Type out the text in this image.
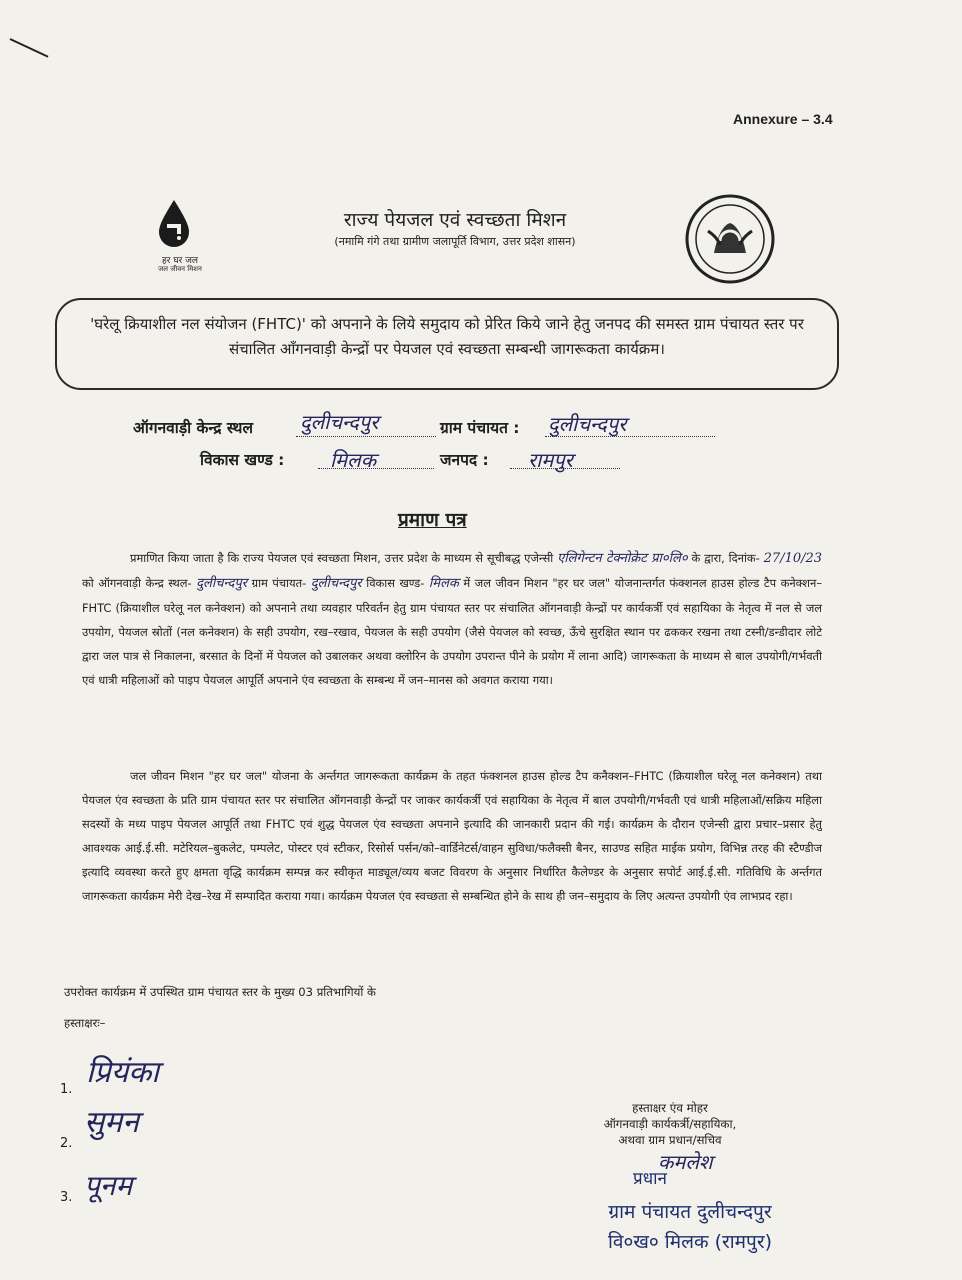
Annexure – 3.4
हर घर जल
जल जीवन मिशन
राज्य पेयजल एवं स्वच्छता मिशन
(नमामि गंगे तथा ग्रामीण जलापूर्ति विभाग, उत्तर प्रदेश शासन)
'घरेलू क्रियाशील नल संयोजन (FHTC)' को अपनाने के लिये समुदाय को प्रेरित किये जाने हेतु जनपद की समस्त ग्राम पंचायत स्तर पर संचालित आँगनवाड़ी केन्द्रों पर पेयजल एवं स्वच्छता सम्बन्धी जागरूकता कार्यक्रम।
ऑगनवाड़ी केन्द्र स्थल दुलीचन्दपुर	ग्राम पंचायत : दुलीचन्दपुर
विकास खण्ड : मिलक	जनपद : रामपुर
प्रमाण पत्र
प्रमाणित किया जाता है कि राज्य पेयजल एवं स्वच्छता मिशन, उत्तर प्रदेश के माध्यम से सूचीबद्ध एजेन्सी एलिगेन्टन टेक्नोक्रेट प्रा०लि० के द्वारा, दिनांक- 27/10/23 को ऑगनवाड़ी केन्द्र स्थल- दुलीचन्दपुर ग्राम पंचायत- दुलीचन्दपुर विकास खण्ड- मिलक में जल जीवन मिशन "हर घर जल" योजनान्तर्गत फंक्शनल हाउस होल्ड टैप कनेक्शन–FHTC (क्रियाशील घरेलू नल कनेक्शन) को अपनाने तथा व्यवहार परिवर्तन हेतु ग्राम पंचायत स्तर पर संचालित ऑगनवाड़ी केन्द्रों पर कार्यकर्त्री एवं सहायिका के नेतृत्व में नल से जल उपयोग, पेयजल स्रोतों (नल कनेक्शन) के सही उपयोग, रख–रखाव, पेयजल के सही उपयोग (जैसे पेयजल को स्वच्छ, ऊँचे सुरक्षित स्थान पर ढककर रखना तथा टस्नी/डन्डीदार लोटे द्वारा जल पात्र से निकालना, बरसात के दिनों में पेयजल को उबालकर अथवा क्लोरिन के उपयोग उपरान्त पीने के प्रयोग में लाना आदि) जागरूकता के माध्यम से बाल उपयोगी/गर्भवती एवं धात्री महिलाओं को पाइप पेयजल आपूर्ति अपनाने एंव स्वच्छता के सम्बन्ध में जन–मानस को अवगत कराया गया।
जल जीवन मिशन "हर घर जल" योजना के अर्न्तगत जागरूकता कार्यक्रम के तहत फंक्शनल हाउस होल्ड टैप कनैक्शन–FHTC (क्रियाशील घरेलू नल कनेक्शन) तथा पेयजल एंव स्वच्छता के प्रति ग्राम पंचायत स्तर पर संचालित ऑगनवाड़ी केन्द्रों पर जाकर कार्यकर्त्री एवं सहायिका के नेतृत्व में बाल उपयोगी/गर्भवती एवं धात्री महिलाओं/सक्रिय महिला सदस्यों के मध्य पाइप पेयजल आपूर्ति तथा FHTC एवं शुद्ध पेयजल एंव स्वच्छता अपनाने इत्यादि की जानकारी प्रदान की गई। कार्यक्रम के दौरान एजेन्सी द्वारा प्रचार–प्रसार हेतु आवश्यक आई.ई.सी. मटेरियल–बुकलेट, पम्पलेट, पोस्टर एवं स्टीकर, रिसोर्स पर्सन/को–वार्डिनेटर्स/वाहन सुविधा/फलैक्सी बैनर, साउण्ड सहित माईक प्रयोग, विभिन्न तरह की स्टैण्डीज इत्यादि व्यवस्था करते हुए क्षमता वृद्धि कार्यक्रम सम्पन्न कर स्वीकृत माड्यूल/व्यय बजट विवरण के अनुसार निर्धारित कैलेण्डर के अनुसार सपोर्ट आई.ई.सी. गतिविधि के अर्न्तगत जागरूकता कार्यक्रम मेरी देख–रेख में सम्पादित कराया गया। कार्यक्रम पेयजल एंव स्वच्छता से सम्बन्धित होने के साथ ही जन–समुदाय के लिए अत्यन्त उपयोगी एंव लाभप्रद रहा।
उपरोक्त कार्यक्रम में उपस्थित ग्राम पंचायत स्तर के मुख्य 03 प्रतिभागियों के
हस्ताक्षरः–
1. प्रियंका
2.
सुमन
3. पूनम
हस्ताक्षर एंव मोहर
ऑगनवाड़ी कार्यकर्त्री/सहायिका,
अथवा ग्राम प्रधान/सचिव
कमलेश
प्रधान
ग्राम पंचायत दुलीचन्दपुर
वि०ख० मिलक (रामपुर)
